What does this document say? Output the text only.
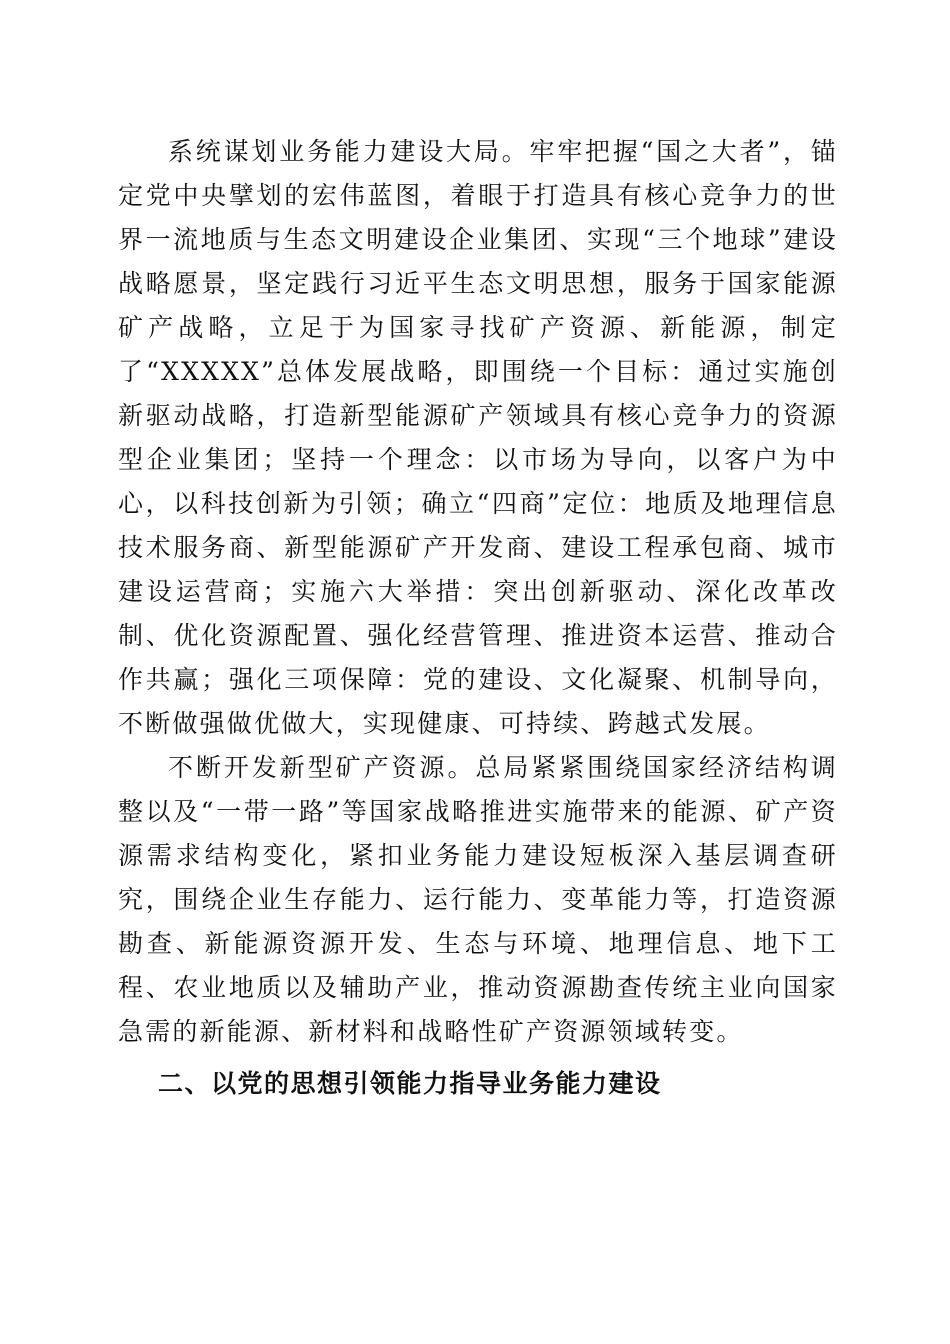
系统谋划业务能力建设大局。牢牢把握“国之大者”，锚定党中央擘划的宏伟蓝图，着眼于打造具有核心竞争力的世界一流地质与生态文明建设企业集团、实现“三个地球”建设战略愿景，坚定践行习近平生态文明思想，服务于国家能源矿产战略，立足于为国家寻找矿产资源、新能源，制定了“XXXXX”总体发展战略，即围绕一个目标：通过实施创新驱动战略，打造新型能源矿产领域具有核心竞争力的资源型企业集团；坚持一个理念：以市场为导向，以客户为中心，以科技创新为引领；确立“四商”定位：地质及地理信息技术服务商、新型能源矿产开发商、建设工程承包商、城市建设运营商；实施六大举措：突出创新驱动、深化改革改制、优化资源配置、强化经营管理、推进资本运营、推动合作共赢；强化三项保障：党的建设、文化凝聚、机制导向，不断做强做优做大，实现健康、可持续、跨越式发展。

不断开发新型矿产资源。总局紧紧围绕国家经济结构调整以及“一带一路”等国家战略推进实施带来的能源、矿产资源需求结构变化，紧扣业务能力建设短板深入基层调查研究，围绕企业生存能力、运行能力、变革能力等，打造资源勘查、新能源资源开发、生态与环境、地理信息、地下工程、农业地质以及辅助产业，推动资源勘查传统主业向国家急需的新能源、新材料和战略性矿产资源领域转变。

二、以党的思想引领能力指导业务能力建设
